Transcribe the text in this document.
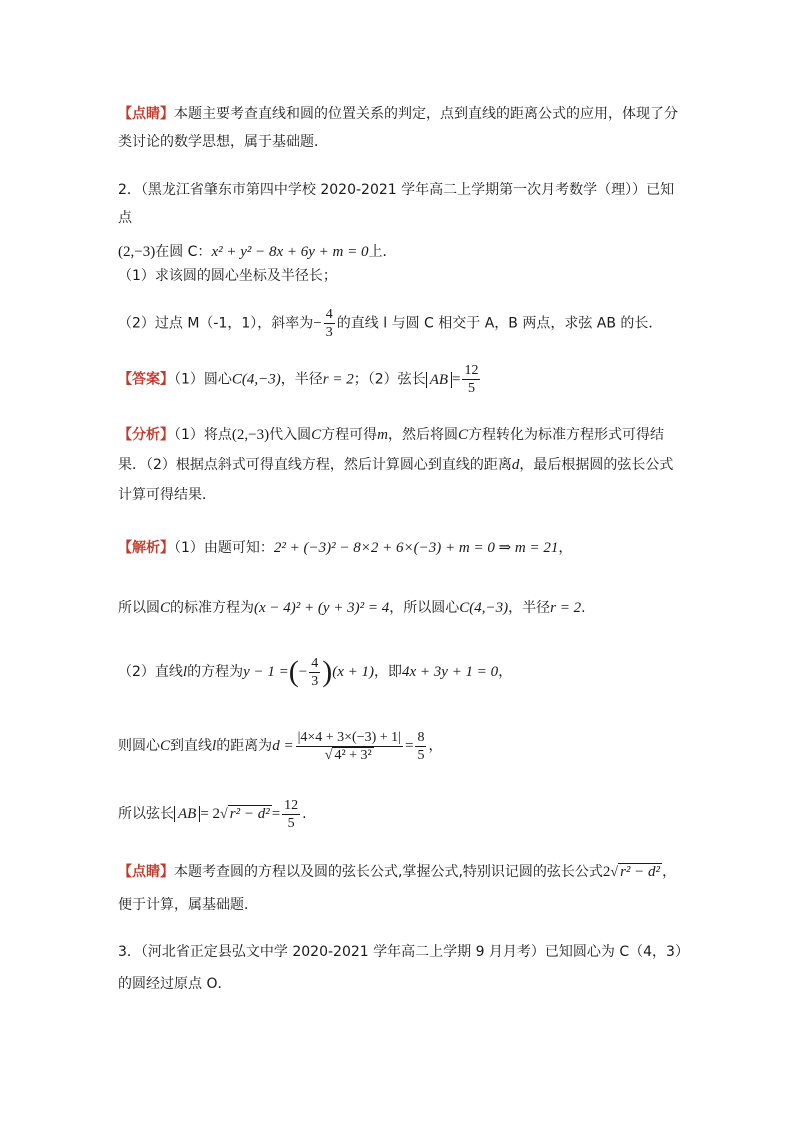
【点睛】本题主要考查直线和圆的位置关系的判定，点到直线的距离公式的应用，体现了分类讨论的数学思想，属于基础题．
2．（黑龙江省肇东市第四中学校 2020-2021 学年高二上学期第一次月考数学（理））已知点
(2,−3)在圆 C：x² + y² − 8x + 6y + m = 0上．
（1）求该圆的圆心坐标及半径长；
（2）过点 M（-1，1），斜率为− $\frac{4}{3}$ 的直线 l 与圆 C 相交于 A，B 两点，求弦 AB 的长．
【答案】（1）圆心C(4,−3)，半径r = 2；（2）弦长 AB = $\frac{12}{5}$
【分析】（1）将点(2,−3)代入圆C方程可得m，然后将圆C方程转化为标准方程形式可得结果．（2）根据点斜式可得直线方程，然后计算圆心到直线的距离d，最后根据圆的弦长公式计算可得结果．
【解析】（1）由题可知：2² + (−3)² − 8×2 + 6×(−3) + m = 0 ⇒ m = 21，
所以圆C的标准方程为(x − 4)² + (y + 3)² = 4，所以圆心C(4,−3)，半径r = 2.
（2）直线l的方程为y − 1 =(− $\frac{4}{3} )(x + 1)$，即4x + 3y + 1 = 0，
则圆心C到直线l的距离为$d = \frac{|4\times 4 + 3\times(-3) + 1|}{\text{√ 4² + 3²}} = \frac{8}{5}$ ，
所以弦长 AB = 2√ $r^2 - d^2 = \frac{12}{5}$ .
【点睛】本题考查圆的方程以及圆的弦长公式,掌握公式,特别识记圆的弦长公式2√ r² − d² ，便于计算，属基础题．
3．（河北省正定县弘文中学 2020-2021 学年高二上学期 9 月月考）已知圆心为 C（4，3）的圆经过原点 O．
